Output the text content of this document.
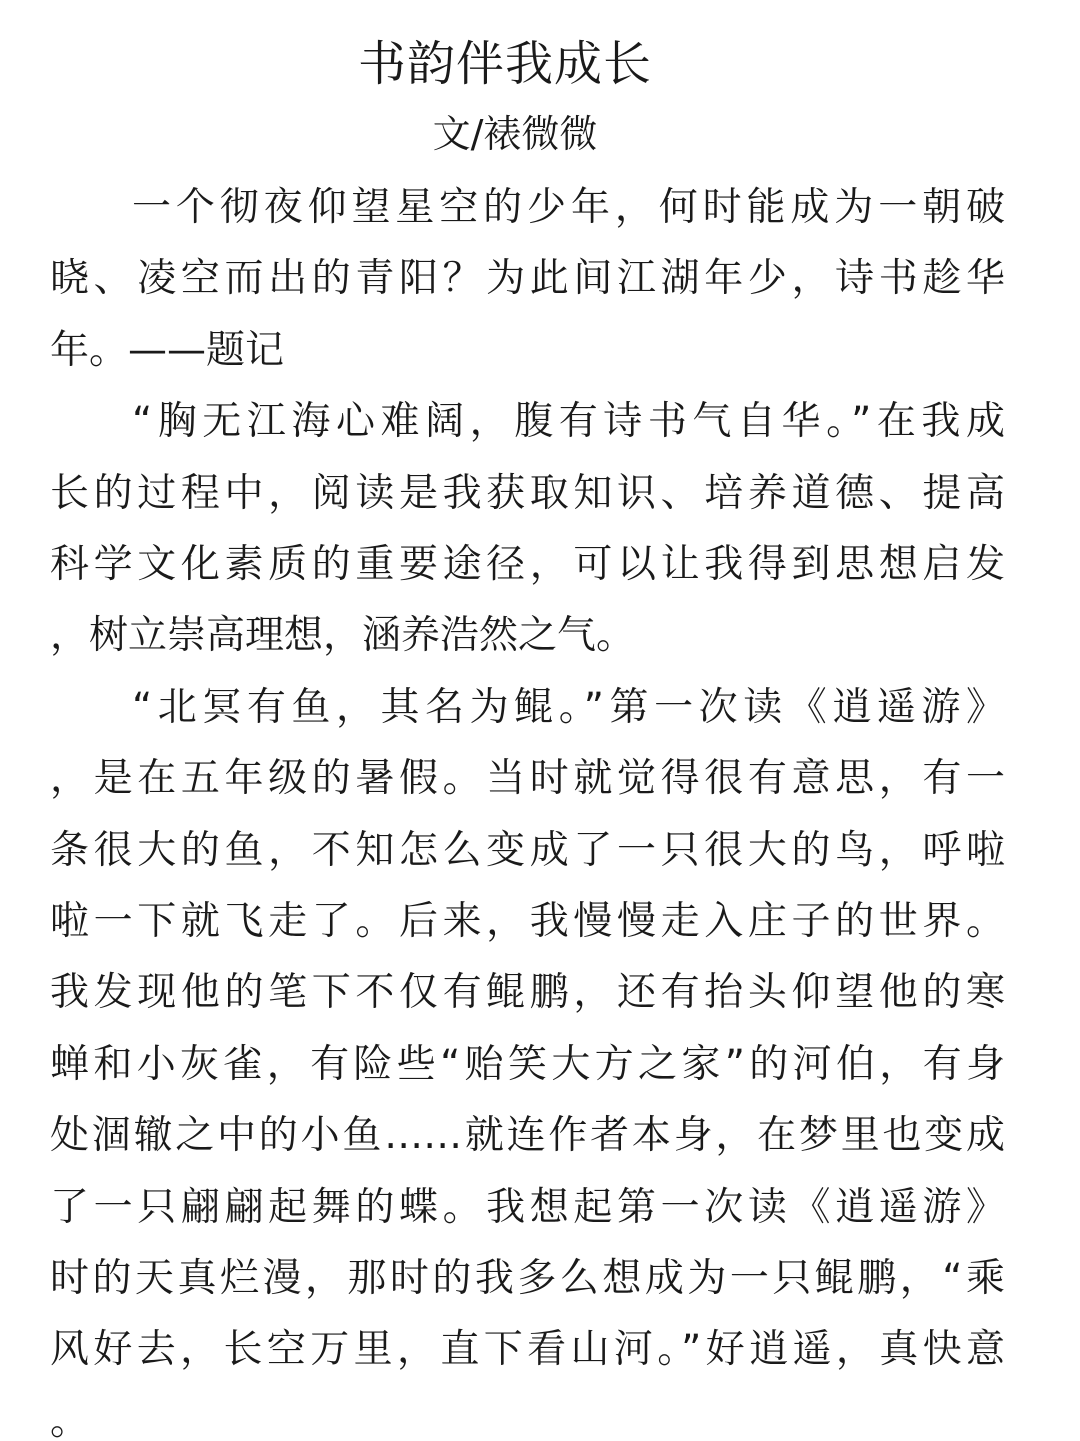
书韵伴我成长
文/裱微微
一个彻夜仰望星空的少年，何时能成为一朝破
晓、凌空而出的青阳？为此间江湖年少，诗书趁华
年。——题记
“胸无江海心难阔，腹有诗书气自华。”在我成
长的过程中，阅读是我获取知识、培养道德、提高
科学文化素质的重要途径，可以让我得到思想启发
，树立崇高理想，涵养浩然之气。
“北冥有鱼，其名为鲲。”第一次读《逍遥游》
，是在五年级的暑假。当时就觉得很有意思，有一
条很大的鱼，不知怎么变成了一只很大的鸟，呼啦
啦一下就飞走了。后来，我慢慢走入庄子的世界。
我发现他的笔下不仅有鲲鹏，还有抬头仰望他的寒
蝉和小灰雀，有险些“贻笑大方之家”的河伯，有身
处涸辙之中的小鱼……就连作者本身，在梦里也变成
了一只翩翩起舞的蝶。我想起第一次读《逍遥游》
时的天真烂漫，那时的我多么想成为一只鲲鹏，“乘
风好去，长空万里，直下看山河。”好逍遥，真快意
。
